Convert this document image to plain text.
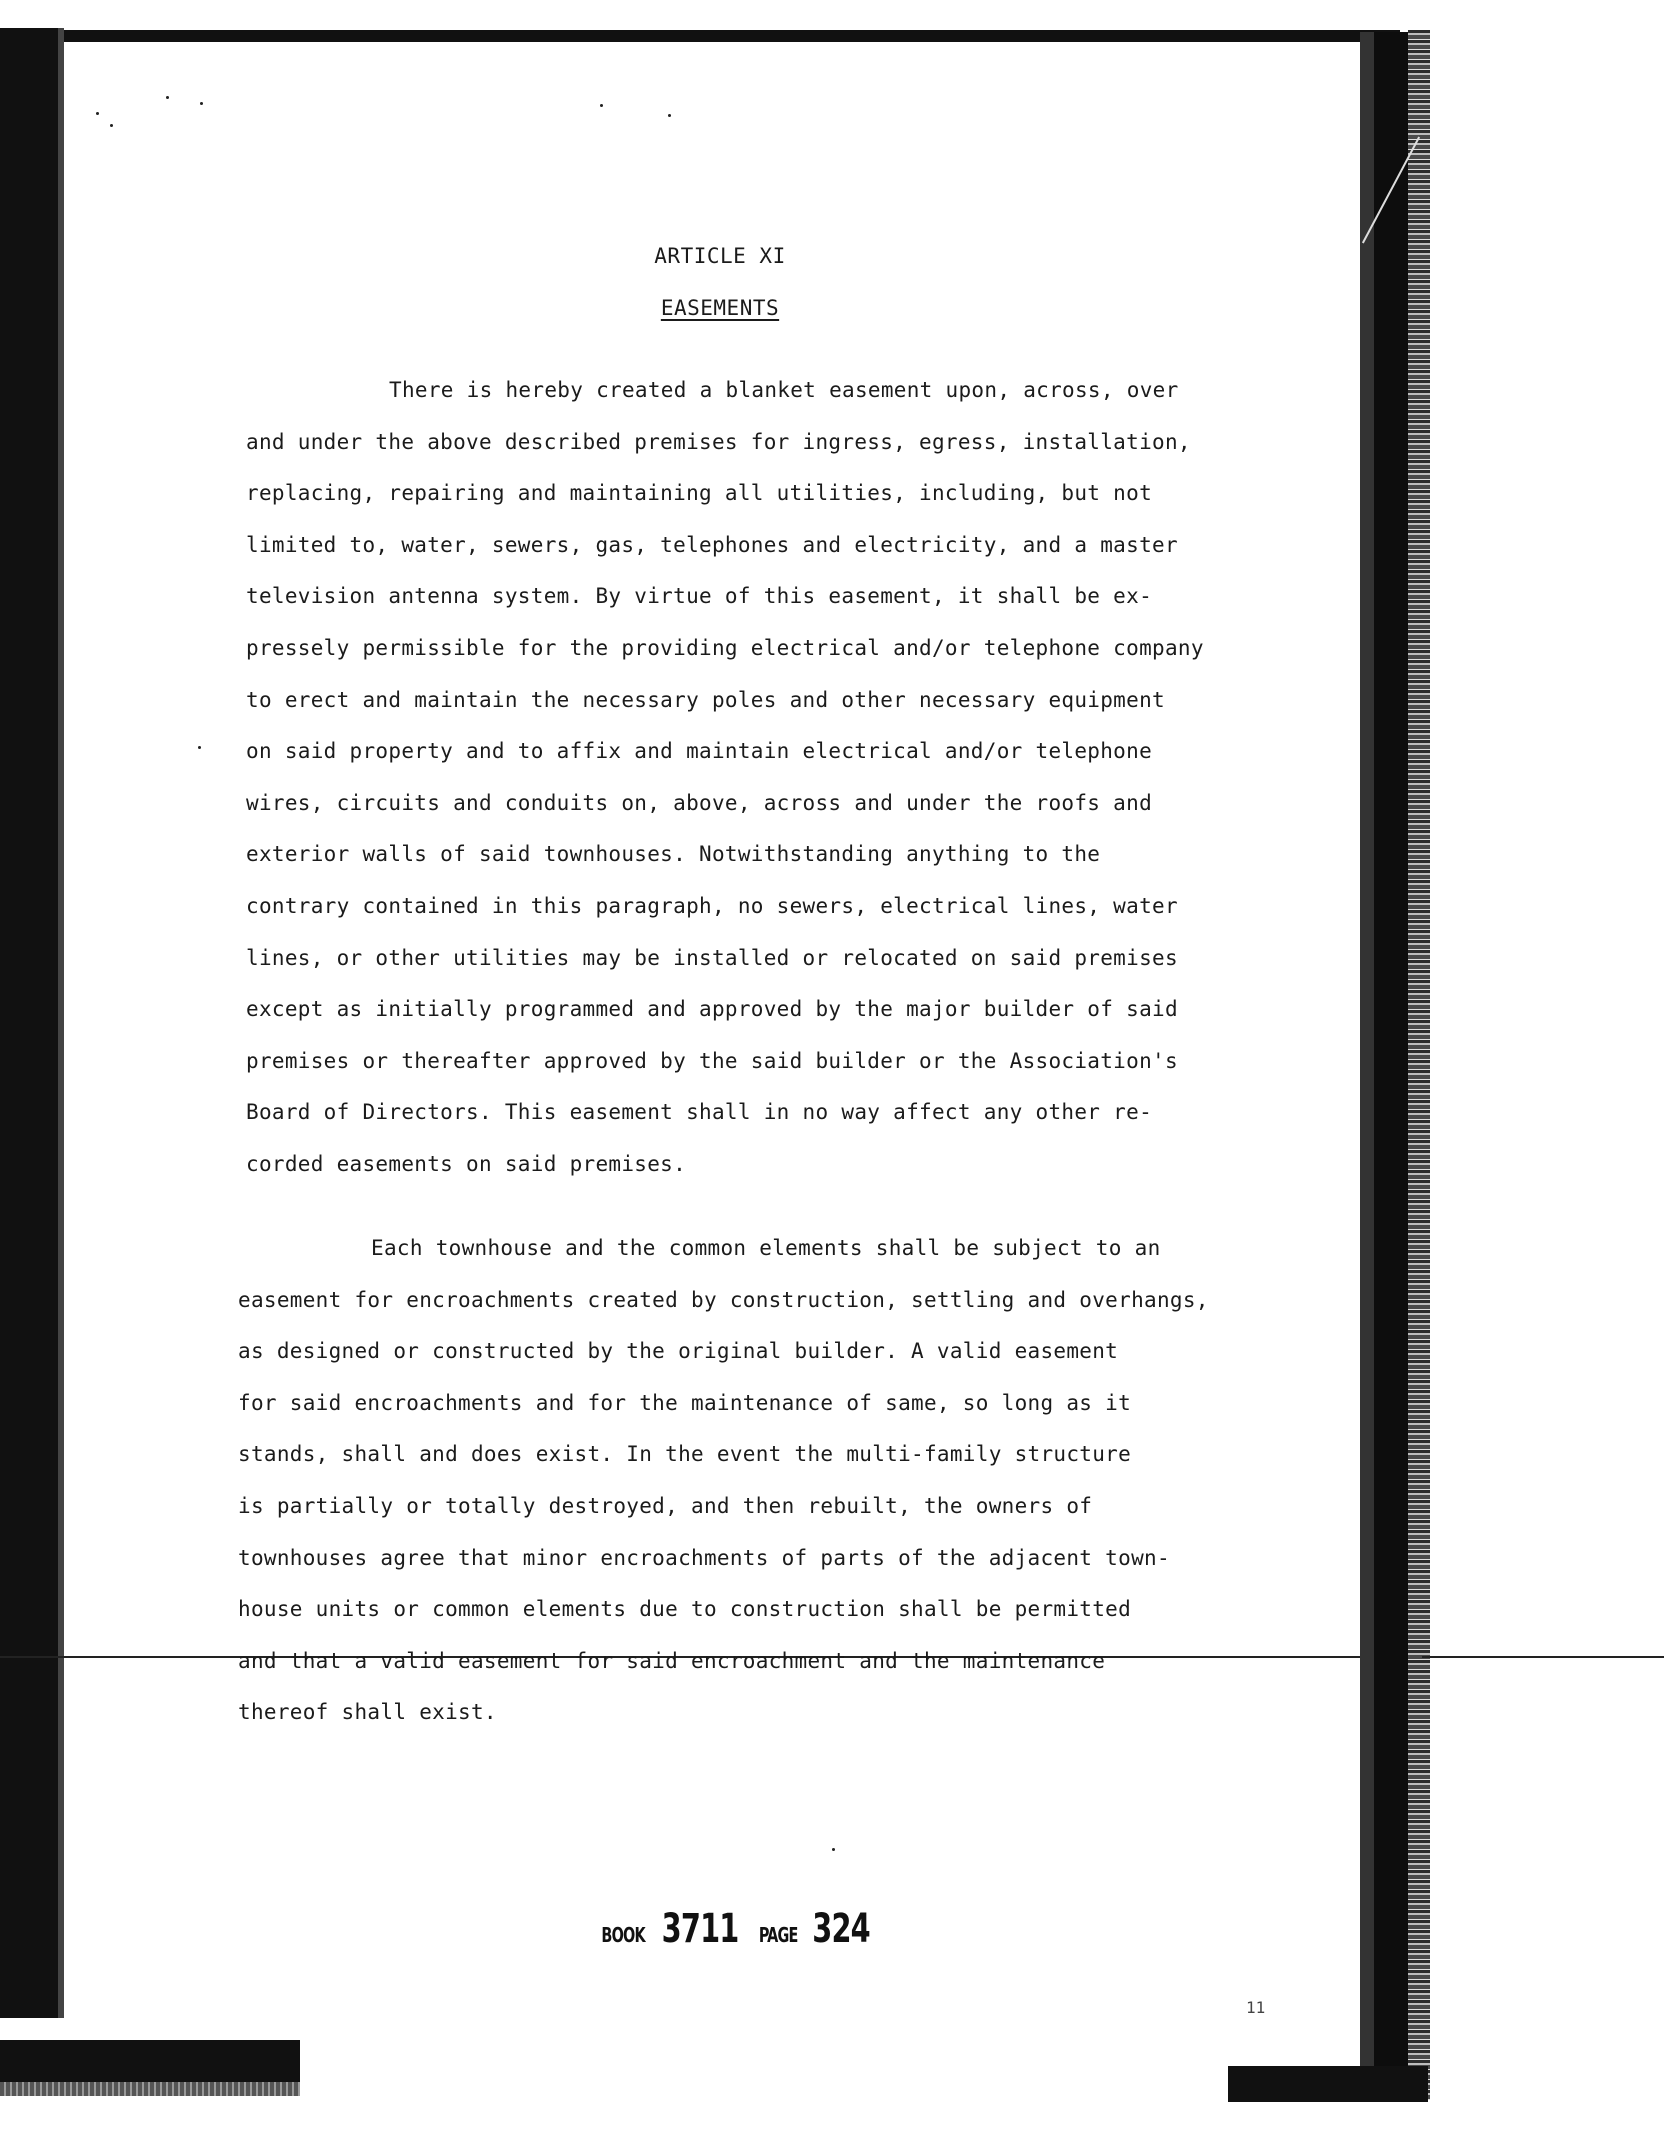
ARTICLE XI
EASEMENTS
There is hereby created a blanket easement upon, across, over
and under the above described premises for ingress, egress, installation,
replacing, repairing and maintaining all utilities, including, but not
limited to, water, sewers, gas, telephones and electricity, and a master
television antenna system. By virtue of this easement, it shall be ex-
pressely permissible for the providing electrical and/or telephone company
to erect and maintain the necessary poles and other necessary equipment
on said property and to affix and maintain electrical and/or telephone
wires, circuits and conduits on, above, across and under the roofs and
exterior walls of said townhouses. Notwithstanding anything to the
contrary contained in this paragraph, no sewers, electrical lines, water
lines, or other utilities may be installed or relocated on said premises
except as initially programmed and approved by the major builder of said
premises or thereafter approved by the said builder or the Association's
Board of Directors. This easement shall in no way affect any other re-
corded easements on said premises.
Each townhouse and the common elements shall be subject to an
easement for encroachments created by construction, settling and overhangs,
as designed or constructed by the original builder. A valid easement
for said encroachments and for the maintenance of same, so long as it
stands, shall and does exist. In the event the multi-family structure
is partially or totally destroyed, and then rebuilt, the owners of
townhouses agree that minor encroachments of parts of the adjacent town-
house units or common elements due to construction shall be permitted
and that a valid easement for said encroachment and the maintenance
thereof shall exist.
BOOK 3711 PAGE 324
11
